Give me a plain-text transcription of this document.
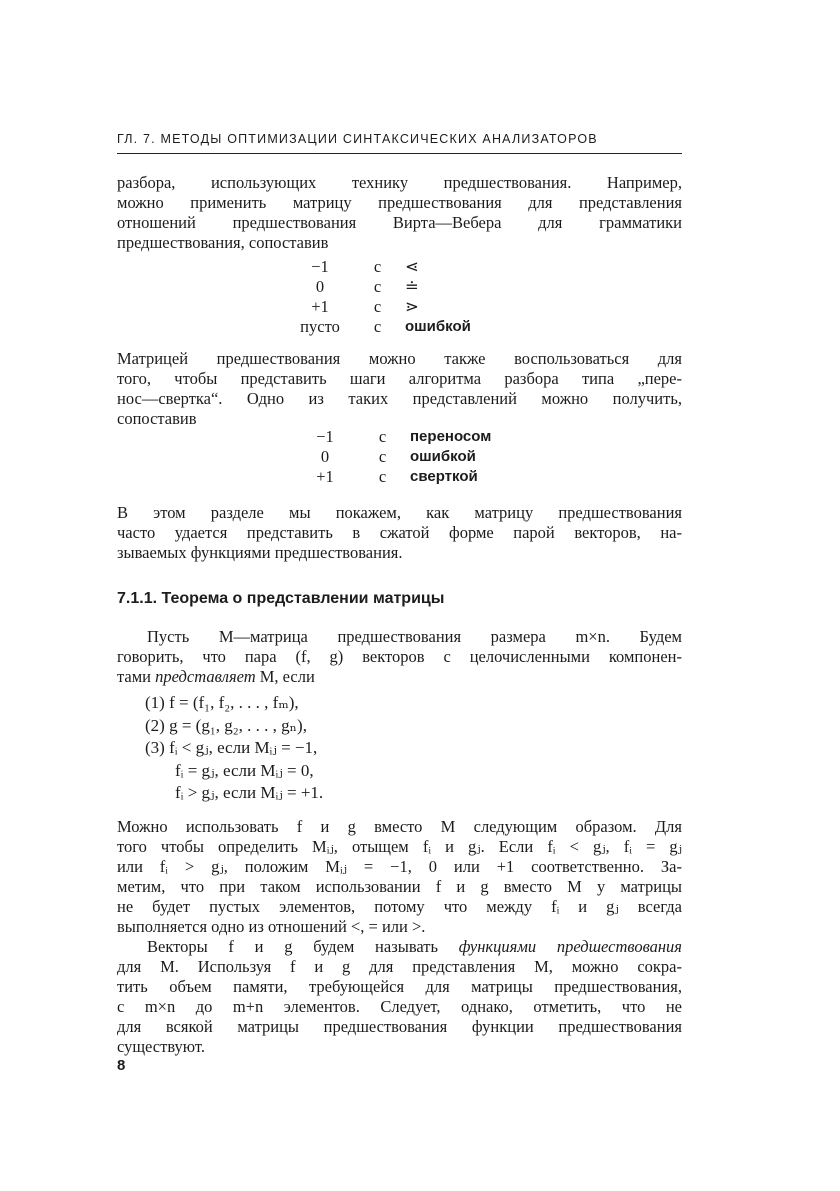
ГЛ. 7. МЕТОДЫ ОПТИМИЗАЦИИ СИНТАКСИЧЕСКИХ АНАЛИЗАТОРОВ
разбора, использующих технику предшествования. Например,
можно применить матрицу предшествования для представления
отношений предшествования Вирта—Вебера для грамматики
предшествования, сопоставив
−1	с	⋖
0	с	≐
+1	с	⋗
пусто	с	ошибкой
Матрицей предшествования можно также воспользоваться для
того, чтобы представить шаги алгоритма разбора типа „пере-
нос—свертка“. Одно из таких представлений можно получить,
сопоставив
−1	с	переносом
0	с	ошибкой
+1	с	сверткой
В этом разделе мы покажем, как матрицу предшествования
часто удается представить в сжатой форме парой векторов, на-
зываемых функциями предшествования.
7.1.1. Теорема о представлении матрицы
Пусть M—матрица предшествования размера m×n. Будем
говорить, что пара (f, g) векторов с целочисленными компонен-
тами представляет M, если
(1) f = (f₁, f₂, . . . , fₘ),
(2) g = (g₁, g₂, . . . , gₙ),
(3) fᵢ < gⱼ, если Mᵢⱼ = −1,
fᵢ = gⱼ, если Mᵢⱼ = 0,
fᵢ > gⱼ, если Mᵢⱼ = +1.
Можно использовать f и g вместо M следующим образом. Для
того чтобы определить Mᵢⱼ, отыщем fᵢ и gⱼ. Если fᵢ < gⱼ, fᵢ = gⱼ
или fᵢ > gⱼ, положим Mᵢⱼ = −1, 0 или +1 соответственно. За-
метим, что при таком использовании f и g вместо M у матрицы
не будет пустых элементов, потому что между fᵢ и gⱼ всегда
выполняется одно из отношений <, = или >.
Векторы f и g будем называть функциями предшествования
для M. Используя f и g для представления M, можно сокра-
тить объем памяти, требующейся для матрицы предшествования,
с m×n до m+n элементов. Следует, однако, отметить, что не
для всякой матрицы предшествования функции предшествования
существуют.
8
